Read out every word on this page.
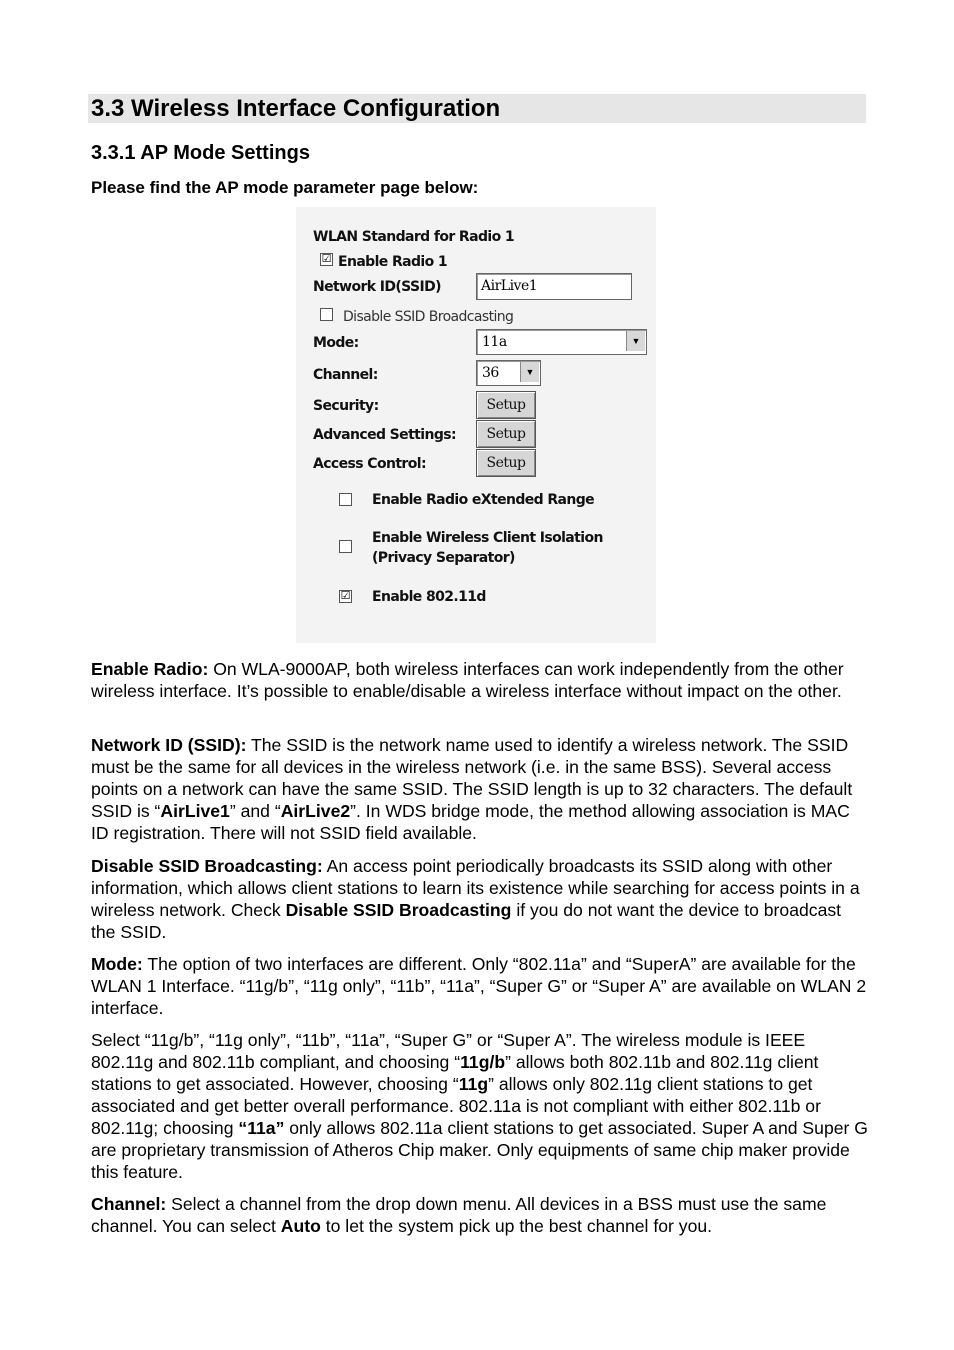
3.3 Wireless Interface Configuration
3.3.1 AP Mode Settings
Please find the AP mode parameter page below:
WLAN Standard for Radio 1
☑ Enable Radio 1
Network ID(SSID)	AirLive1
Disable SSID Broadcasting
Mode:	11a	▼
Channel:	36	▼
Security:	Setup
Advanced Settings:	Setup
Access Control:	Setup
Enable Radio eXtended Range
Enable Wireless Client Isolation
(Privacy Separator)
☑ Enable 802.11d
Enable Radio: On WLA-9000AP, both wireless interfaces can work independently from the other wireless interface. It’s possible to enable/disable a wireless interface without impact on the other.
Network ID (SSID): The SSID is the network name used to identify a wireless network. The SSID must be the same for all devices in the wireless network (i.e. in the same BSS). Several access points on a network can have the same SSID. The SSID length is up to 32 characters. The default SSID is “AirLive1” and “AirLive2”. In WDS bridge mode, the method allowing association is MAC ID registration. There will not SSID field available.
Disable SSID Broadcasting: An access point periodically broadcasts its SSID along with other information, which allows client stations to learn its existence while searching for access points in a wireless network. Check Disable SSID Broadcasting if you do not want the device to broadcast the SSID.
Mode: The option of two interfaces are different. Only “802.11a” and “SuperA” are available for the WLAN 1 Interface. “11g/b”, “11g only”, “11b”, “11a”, “Super G” or “Super A” are available on WLAN 2 interface.
Select “11g/b”, “11g only”, “11b”, “11a”, “Super G” or “Super A”. The wireless module is IEEE 802.11g and 802.11b compliant, and choosing “11g/b” allows both 802.11b and 802.11g client stations to get associated. However, choosing “11g” allows only 802.11g client stations to get associated and get better overall performance. 802.11a is not compliant with either 802.11b or 802.11g; choosing “11a” only allows 802.11a client stations to get associated. Super A and Super G are proprietary transmission of Atheros Chip maker. Only equipments of same chip maker provide this feature.
Channel: Select a channel from the drop down menu. All devices in a BSS must use the same channel. You can select Auto to let the system pick up the best channel for you.
